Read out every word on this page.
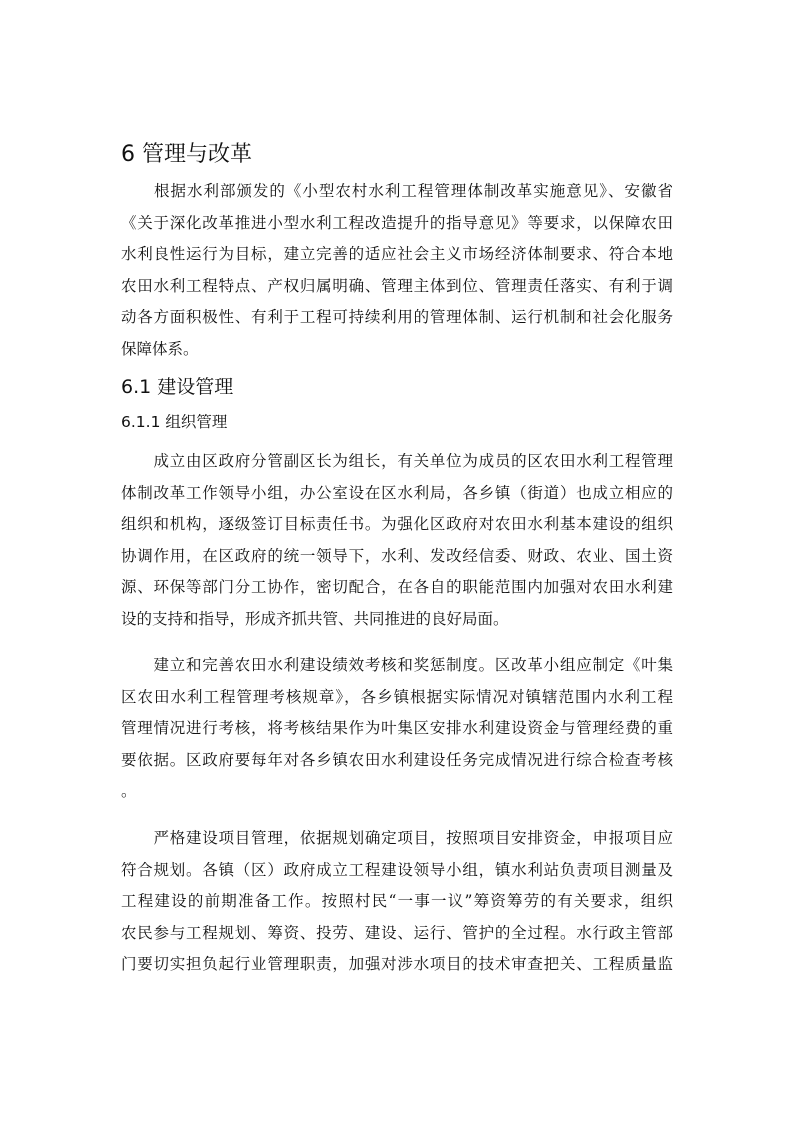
6 管理与改革
　　根据水利部颁发的《小型农村水利工程管理体制改革实施意见》、安徽省
《关于深化改革推进小型水利工程改造提升的指导意见》等要求，以保障农田
水利良性运行为目标，建立完善的适应社会主义市场经济体制要求、符合本地
农田水利工程特点、产权归属明确、管理主体到位、管理责任落实、有利于调
动各方面积极性、有利于工程可持续利用的管理体制、运行机制和社会化服务
保障体系。
6.1 建设管理
6.1.1 组织管理
　　成立由区政府分管副区长为组长，有关单位为成员的区农田水利工程管理
体制改革工作领导小组，办公室设在区水利局，各乡镇（街道）也成立相应的
组织和机构，逐级签订目标责任书。为强化区政府对农田水利基本建设的组织
协调作用，在区政府的统一领导下，水利、发改经信委、财政、农业、国土资
源、环保等部门分工协作，密切配合，在各自的职能范围内加强对农田水利建
设的支持和指导，形成齐抓共管、共同推进的良好局面。
　　建立和完善农田水利建设绩效考核和奖惩制度。区改革小组应制定《叶集
区农田水利工程管理考核规章》，各乡镇根据实际情况对镇辖范围内水利工程
管理情况进行考核，将考核结果作为叶集区安排水利建设资金与管理经费的重
要依据。区政府要每年对各乡镇农田水利建设任务完成情况进行综合检查考核
。
　　严格建设项目管理，依据规划确定项目，按照项目安排资金，申报项目应
符合规划。各镇（区）政府成立工程建设领导小组，镇水利站负责项目测量及
工程建设的前期准备工作。按照村民“一事一议”筹资筹劳的有关要求，组织
农民参与工程规划、筹资、投劳、建设、运行、管护的全过程。水行政主管部
门要切实担负起行业管理职责，加强对涉水项目的技术审查把关、工程质量监
